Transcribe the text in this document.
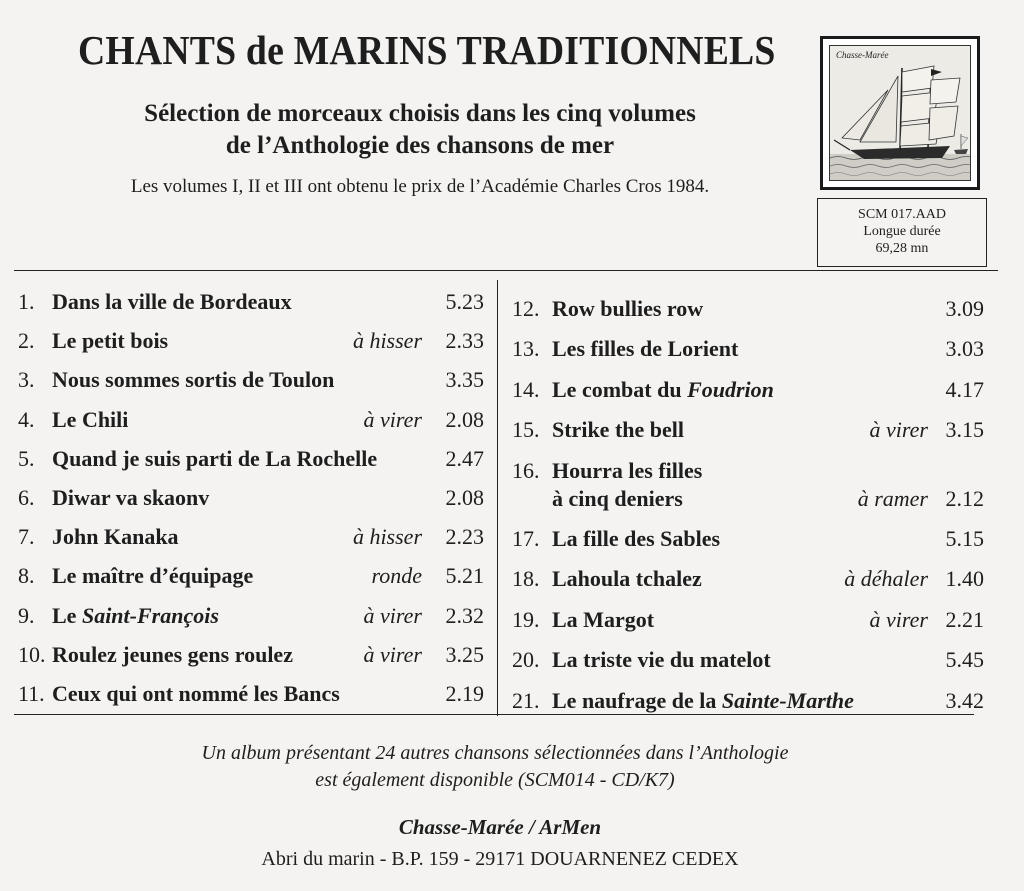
CHANTS de MARINS TRADITIONNELS
Sélection de morceaux choisis dans les cinq volumes
de l’Anthologie des chansons de mer
Les volumes I, II et III ont obtenu le prix de l’Académie Charles Cros 1984.
Chasse-Marée
SCM 017.AAD
Longue durée
69,28 mn
1. Dans la ville de Bordeaux	5.23
2. Le petit bois	à hisser	2.33
3. Nous sommes sortis de Toulon	3.35
4. Le Chili	à virer	2.08
5. Quand je suis parti de La Rochelle	2.47
6. Diwar va skaonv	2.08
7. John Kanaka	à hisser	2.23
8. Le maître d’équipage	ronde	5.21
9. Le Saint-François	à virer	2.32
10. Roulez jeunes gens roulez	à virer	3.25
11. Ceux qui ont nommé les Bancs	2.19
12. Row bullies row	3.09
13. Les filles de Lorient	3.03
14. Le combat du Foudrion	4.17
15. Strike the bell	à virer 3.15
16. Hourra les filles
à cinq deniers	à ramer 2.12
17. La fille des Sables	5.15
18. Lahoula tchalez	à déhaler 1.40
19. La Margot	à virer 2.21
20. La triste vie du matelot	5.45
21. Le naufrage de la Sainte-Marthe	3.42
Un album présentant 24 autres chansons sélectionnées dans l’Anthologie
est également disponible (SCM014 - CD/K7)
Chasse-Marée / ArMen
Abri du marin - B.P. 159 - 29171 DOUARNENEZ CEDEX
